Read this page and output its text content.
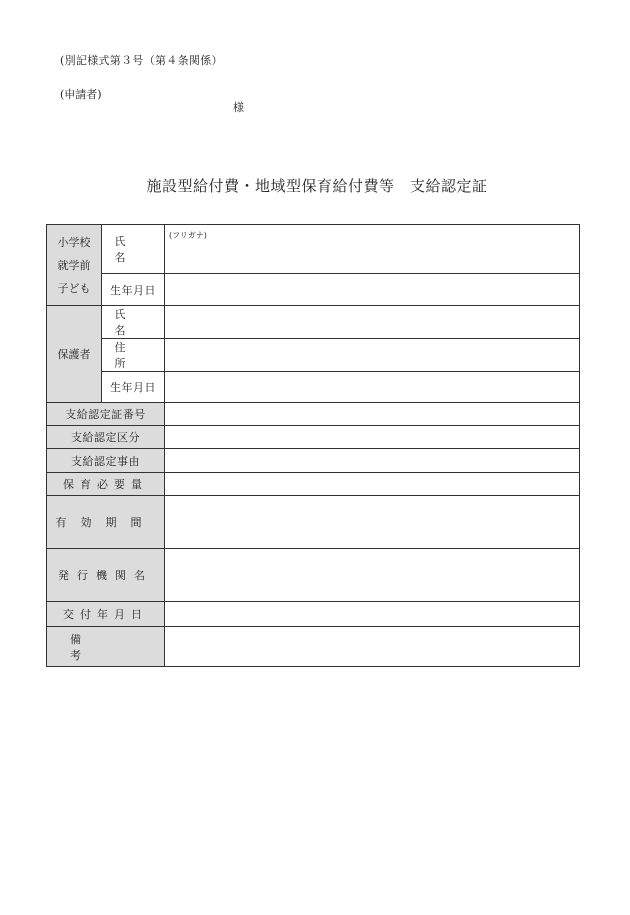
(別記様式第３号（第４条関係）
(申請者)
様
施設型給付費・地域型保育給付費等　支給認定証
小学校
就学前
子ども	氏名	$^{(フリガナ)}$
	生年月日	
保護者	氏名	
	住所	
	生年月日	
支給認定証番号		
支給認定区分		
支給認定事由		
保育必要量		
有効期間		
発行機関名		
交付年月日		
備考		
